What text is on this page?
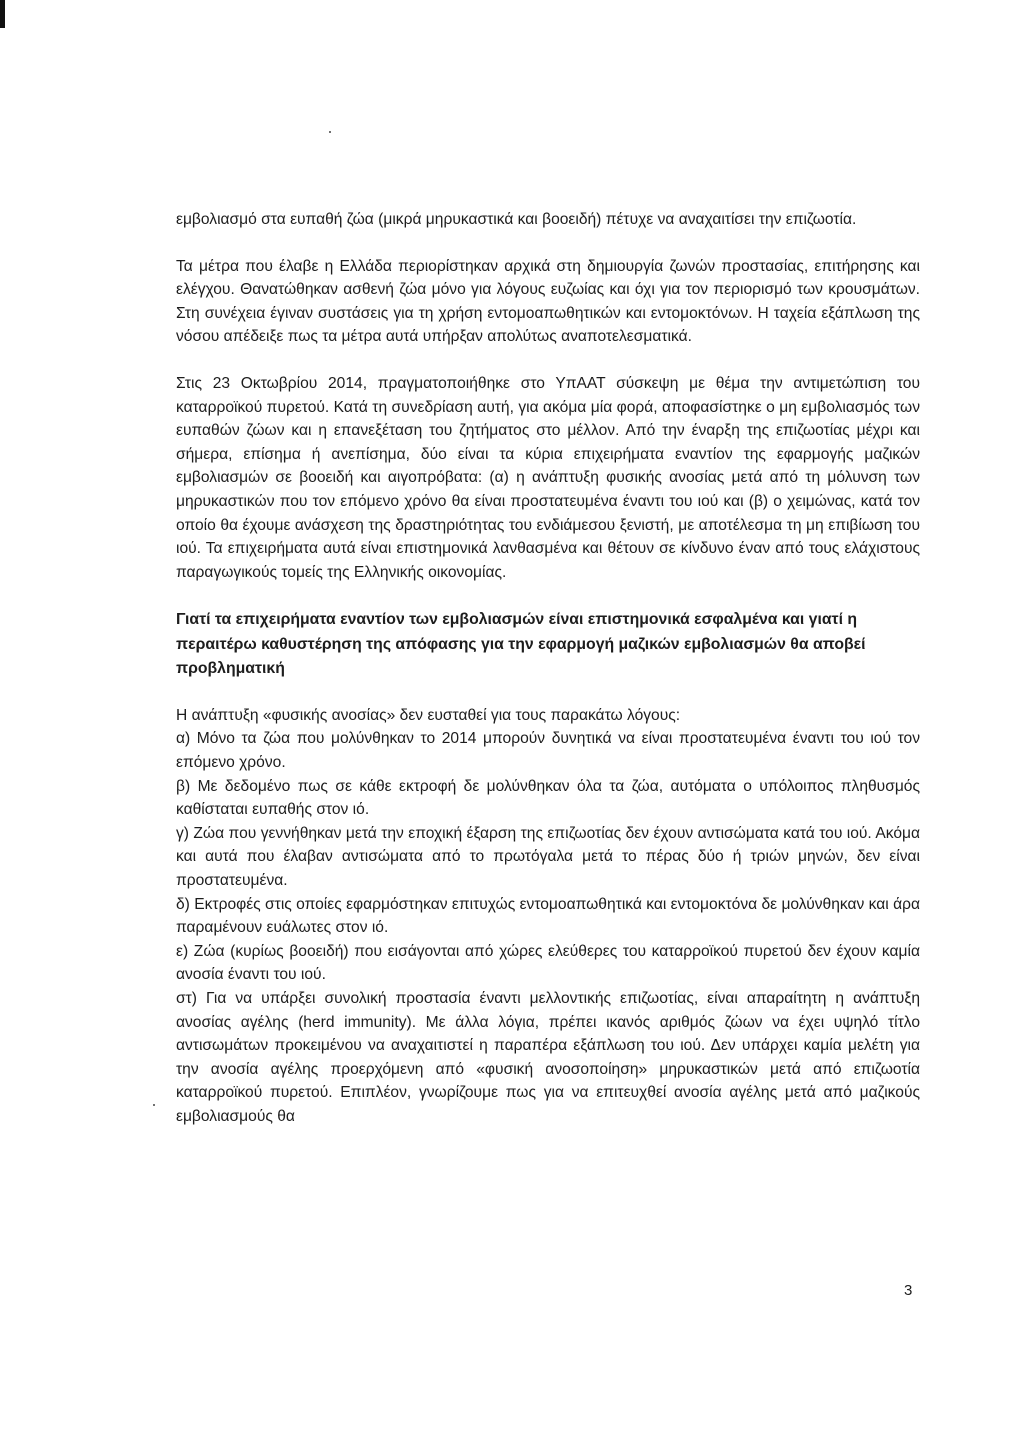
εμβολιασμό στα ευπαθή ζώα (μικρά μηρυκαστικά και βοοειδή) πέτυχε να αναχαιτίσει την επιζωοτία.

Τα μέτρα που έλαβε η Ελλάδα περιορίστηκαν αρχικά στη δημιουργία ζωνών προστασίας, επιτήρησης και ελέγχου. Θανατώθηκαν ασθενή ζώα μόνο για λόγους ευζωίας και όχι για τον περιορισμό των κρουσμάτων. Στη συνέχεια έγιναν συστάσεις για τη χρήση εντομοαπωθητικών και εντομοκτόνων. Η ταχεία εξάπλωση της νόσου απέδειξε πως τα μέτρα αυτά υπήρξαν απολύτως αναποτελεσματικά.

Στις 23 Οκτωβρίου 2014, πραγματοποιήθηκε στο ΥπΑΑΤ σύσκεψη με θέμα την αντιμετώπιση του καταρροϊκού πυρετού. Κατά τη συνεδρίαση αυτή, για ακόμα μία φορά, αποφασίστηκε ο μη εμβολιασμός των ευπαθών ζώων και η επανεξέταση του ζητήματος στο μέλλον. Από την έναρξη της επιζωοτίας μέχρι και σήμερα, επίσημα ή ανεπίσημα, δύο είναι τα κύρια επιχειρήματα εναντίον της εφαρμογής μαζικών εμβολιασμών σε βοοειδή και αιγοπρόβατα: (α) η ανάπτυξη φυσικής ανοσίας μετά από τη μόλυνση των μηρυκαστικών που τον επόμενο χρόνο θα είναι προστατευμένα έναντι του ιού και (β) ο χειμώνας, κατά τον οποίο θα έχουμε ανάσχεση της δραστηριότητας του ενδιάμεσου ξενιστή, με αποτέλεσμα τη μη επιβίωση του ιού. Τα επιχειρήματα αυτά είναι επιστημονικά λανθασμένα και θέτουν σε κίνδυνο έναν από τους ελάχιστους παραγωγικούς τομείς της Ελληνικής οικονομίας.

Γιατί τα επιχειρήματα εναντίον των εμβολιασμών είναι επιστημονικά εσφαλμένα και γιατί η περαιτέρω καθυστέρηση της απόφασης για την εφαρμογή μαζικών εμβολιασμών θα αποβεί προβληματική

Η ανάπτυξη «φυσικής ανοσίας» δεν ευσταθεί για τους παρακάτω λόγους:

α) Μόνο τα ζώα που μολύνθηκαν το 2014 μπορούν δυνητικά να είναι προστατευμένα έναντι του ιού τον επόμενο χρόνο.

β) Με δεδομένο πως σε κάθε εκτροφή δε μολύνθηκαν όλα τα ζώα, αυτόματα ο υπόλοιπος πληθυσμός καθίσταται ευπαθής στον ιό.

γ) Ζώα που γεννήθηκαν μετά την εποχική έξαρση της επιζωοτίας δεν έχουν αντισώματα κατά του ιού. Ακόμα και αυτά που έλαβαν αντισώματα από το πρωτόγαλα μετά το πέρας δύο ή τριών μηνών, δεν είναι προστατευμένα.

δ) Εκτροφές στις οποίες εφαρμόστηκαν επιτυχώς εντομοαπωθητικά και εντομοκτόνα δε μολύνθηκαν και άρα παραμένουν ευάλωτες στον ιό.

ε) Ζώα (κυρίως βοοειδή) που εισάγονται από χώρες ελεύθερες του καταρροϊκού πυρετού δεν έχουν καμία ανοσία έναντι του ιού.

στ) Για να υπάρξει συνολική προστασία έναντι μελλοντικής επιζωοτίας, είναι απαραίτητη η ανάπτυξη ανοσίας αγέλης (herd immunity). Με άλλα λόγια, πρέπει ικανός αριθμός ζώων να έχει υψηλό τίτλο αντισωμάτων προκειμένου να αναχαιτιστεί η παραπέρα εξάπλωση του ιού. Δεν υπάρχει καμία μελέτη για την ανοσία αγέλης προερχόμενη από «φυσική ανοσοποίηση» μηρυκαστικών μετά από επιζωοτία καταρροϊκού πυρετού. Επιπλέον, γνωρίζουμε πως για να επιτευχθεί ανοσία αγέλης μετά από μαζικούς εμβολιασμούς θα

3
